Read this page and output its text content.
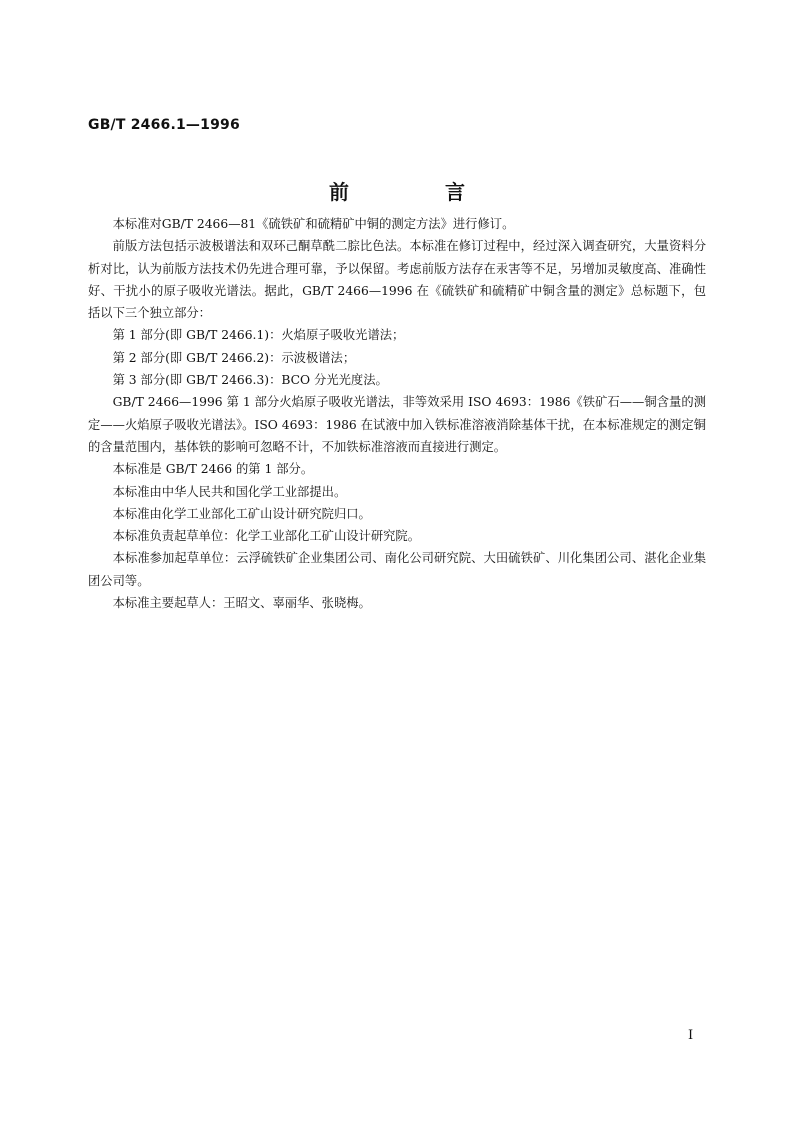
GB/T 2466.1—1996
前　言

本标准对GB/T 2466—81《硫铁矿和硫精矿中铜的测定方法》进行修订。

前版方法包括示波极谱法和双环己酮草酰二腙比色法。本标准在修订过程中，经过深入调查研究，大量资料分析对比，认为前版方法技术仍先进合理可靠，予以保留。考虑前版方法存在汞害等不足，另增加灵敏度高、准确性好、干扰小的原子吸收光谱法。据此，GB/T 2466—1996 在《硫铁矿和硫精矿中铜含量的测定》总标题下，包括以下三个独立部分：

第 1 部分(即 GB/T 2466.1)：火焰原子吸收光谱法；

第 2 部分(即 GB/T 2466.2)：示波极谱法；

第 3 部分(即 GB/T 2466.3)：BCO 分光光度法。

GB/T 2466—1996 第 1 部分火焰原子吸收光谱法，非等效采用 ISO 4693：1986《铁矿石——铜含量的测定——火焰原子吸收光谱法》。ISO 4693：1986 在试液中加入铁标准溶液消除基体干扰，在本标准规定的测定铜的含量范围内，基体铁的影响可忽略不计，不加铁标准溶液而直接进行测定。

本标准是 GB/T 2466 的第 1 部分。

本标准由中华人民共和国化学工业部提出。

本标准由化学工业部化工矿山设计研究院归口。

本标准负责起草单位：化学工业部化工矿山设计研究院。

本标准参加起草单位：云浮硫铁矿企业集团公司、南化公司研究院、大田硫铁矿、川化集团公司、湛化企业集团公司等。

本标准主要起草人：王昭文、辜丽华、张晓梅。

I
